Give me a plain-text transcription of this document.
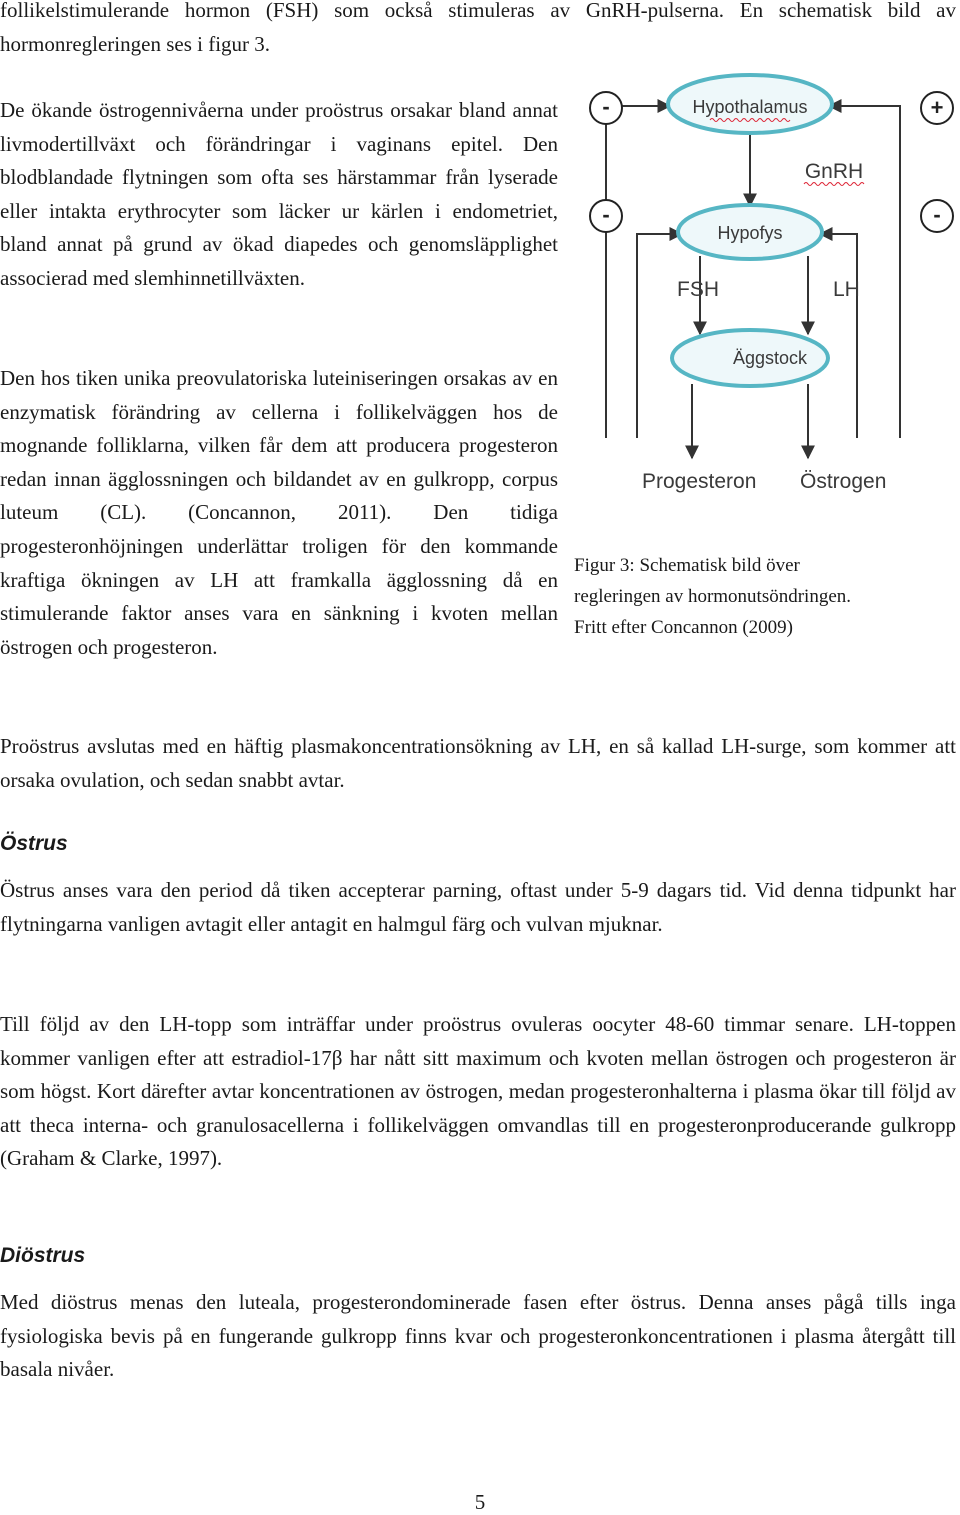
follikelstimulerande hormon (FSH) som också stimuleras av GnRH-pulserna. En schematisk bild av hormonregleringen ses i figur 3.

De ökande östrogennivåerna under proöstrus orsakar bland annat livmodertillväxt och förändringar i vaginans epitel. Den blodblandade flytningen som ofta ses härstammar från lyserade eller intakta erythrocyter som läcker ur kärlen i endometriet, bland annat på grund av ökad diapedes och genomsläpplighet associerad med slemhinnetillväxten.

Den hos tiken unika preovulatoriska luteiniseringen orsakas av en enzymatisk förändring av cellerna i follikelväggen hos de mognande folliklarna, vilken får dem att producera progesteron redan innan ägglossningen och bildandet av en gulkropp, corpus luteum (CL). (Concannon, 2011). Den tidiga progesteronhöjningen underlättar troligen för den kommande kraftiga ökningen av LH att framkalla ägglossning då en stimulerande faktor anses vara en sänkning i kvoten mellan östrogen och progesteron.

Hypothalamus
GnRH
Hypofys
FSH	LH
Äggstock
Progesteron Östrogen
-	+
-	-
Figur 3: Schematisk bild över
regleringen av hormonutsöndringen.
Fritt efter Concannon (2009)

Proöstrus avslutas med en häftig plasmakoncentrationsökning av LH, en så kallad LH-surge, som kommer att orsaka ovulation, och sedan snabbt avtar.

Östrus

Östrus anses vara den period då tiken accepterar parning, oftast under 5-9 dagars tid. Vid denna tidpunkt har flytningarna vanligen avtagit eller antagit en halmgul färg och vulvan mjuknar.

Till följd av den LH-topp som inträffar under proöstrus ovuleras oocyter 48-60 timmar senare. LH-toppen kommer vanligen efter att estradiol-17β har nått sitt maximum och kvoten mellan östrogen och progesteron är som högst. Kort därefter avtar koncentrationen av östrogen, medan progesteronhalterna i plasma ökar till följd av att theca interna- och granulosacellerna i follikelväggen omvandlas till en progesteronproducerande gulkropp (Graham & Clarke, 1997).

Diöstrus

Med diöstrus menas den luteala, progesterondominerade fasen efter östrus. Denna anses pågå tills inga fysiologiska bevis på en fungerande gulkropp finns kvar och progesteronkoncentrationen i plasma återgått till basala nivåer.

5
